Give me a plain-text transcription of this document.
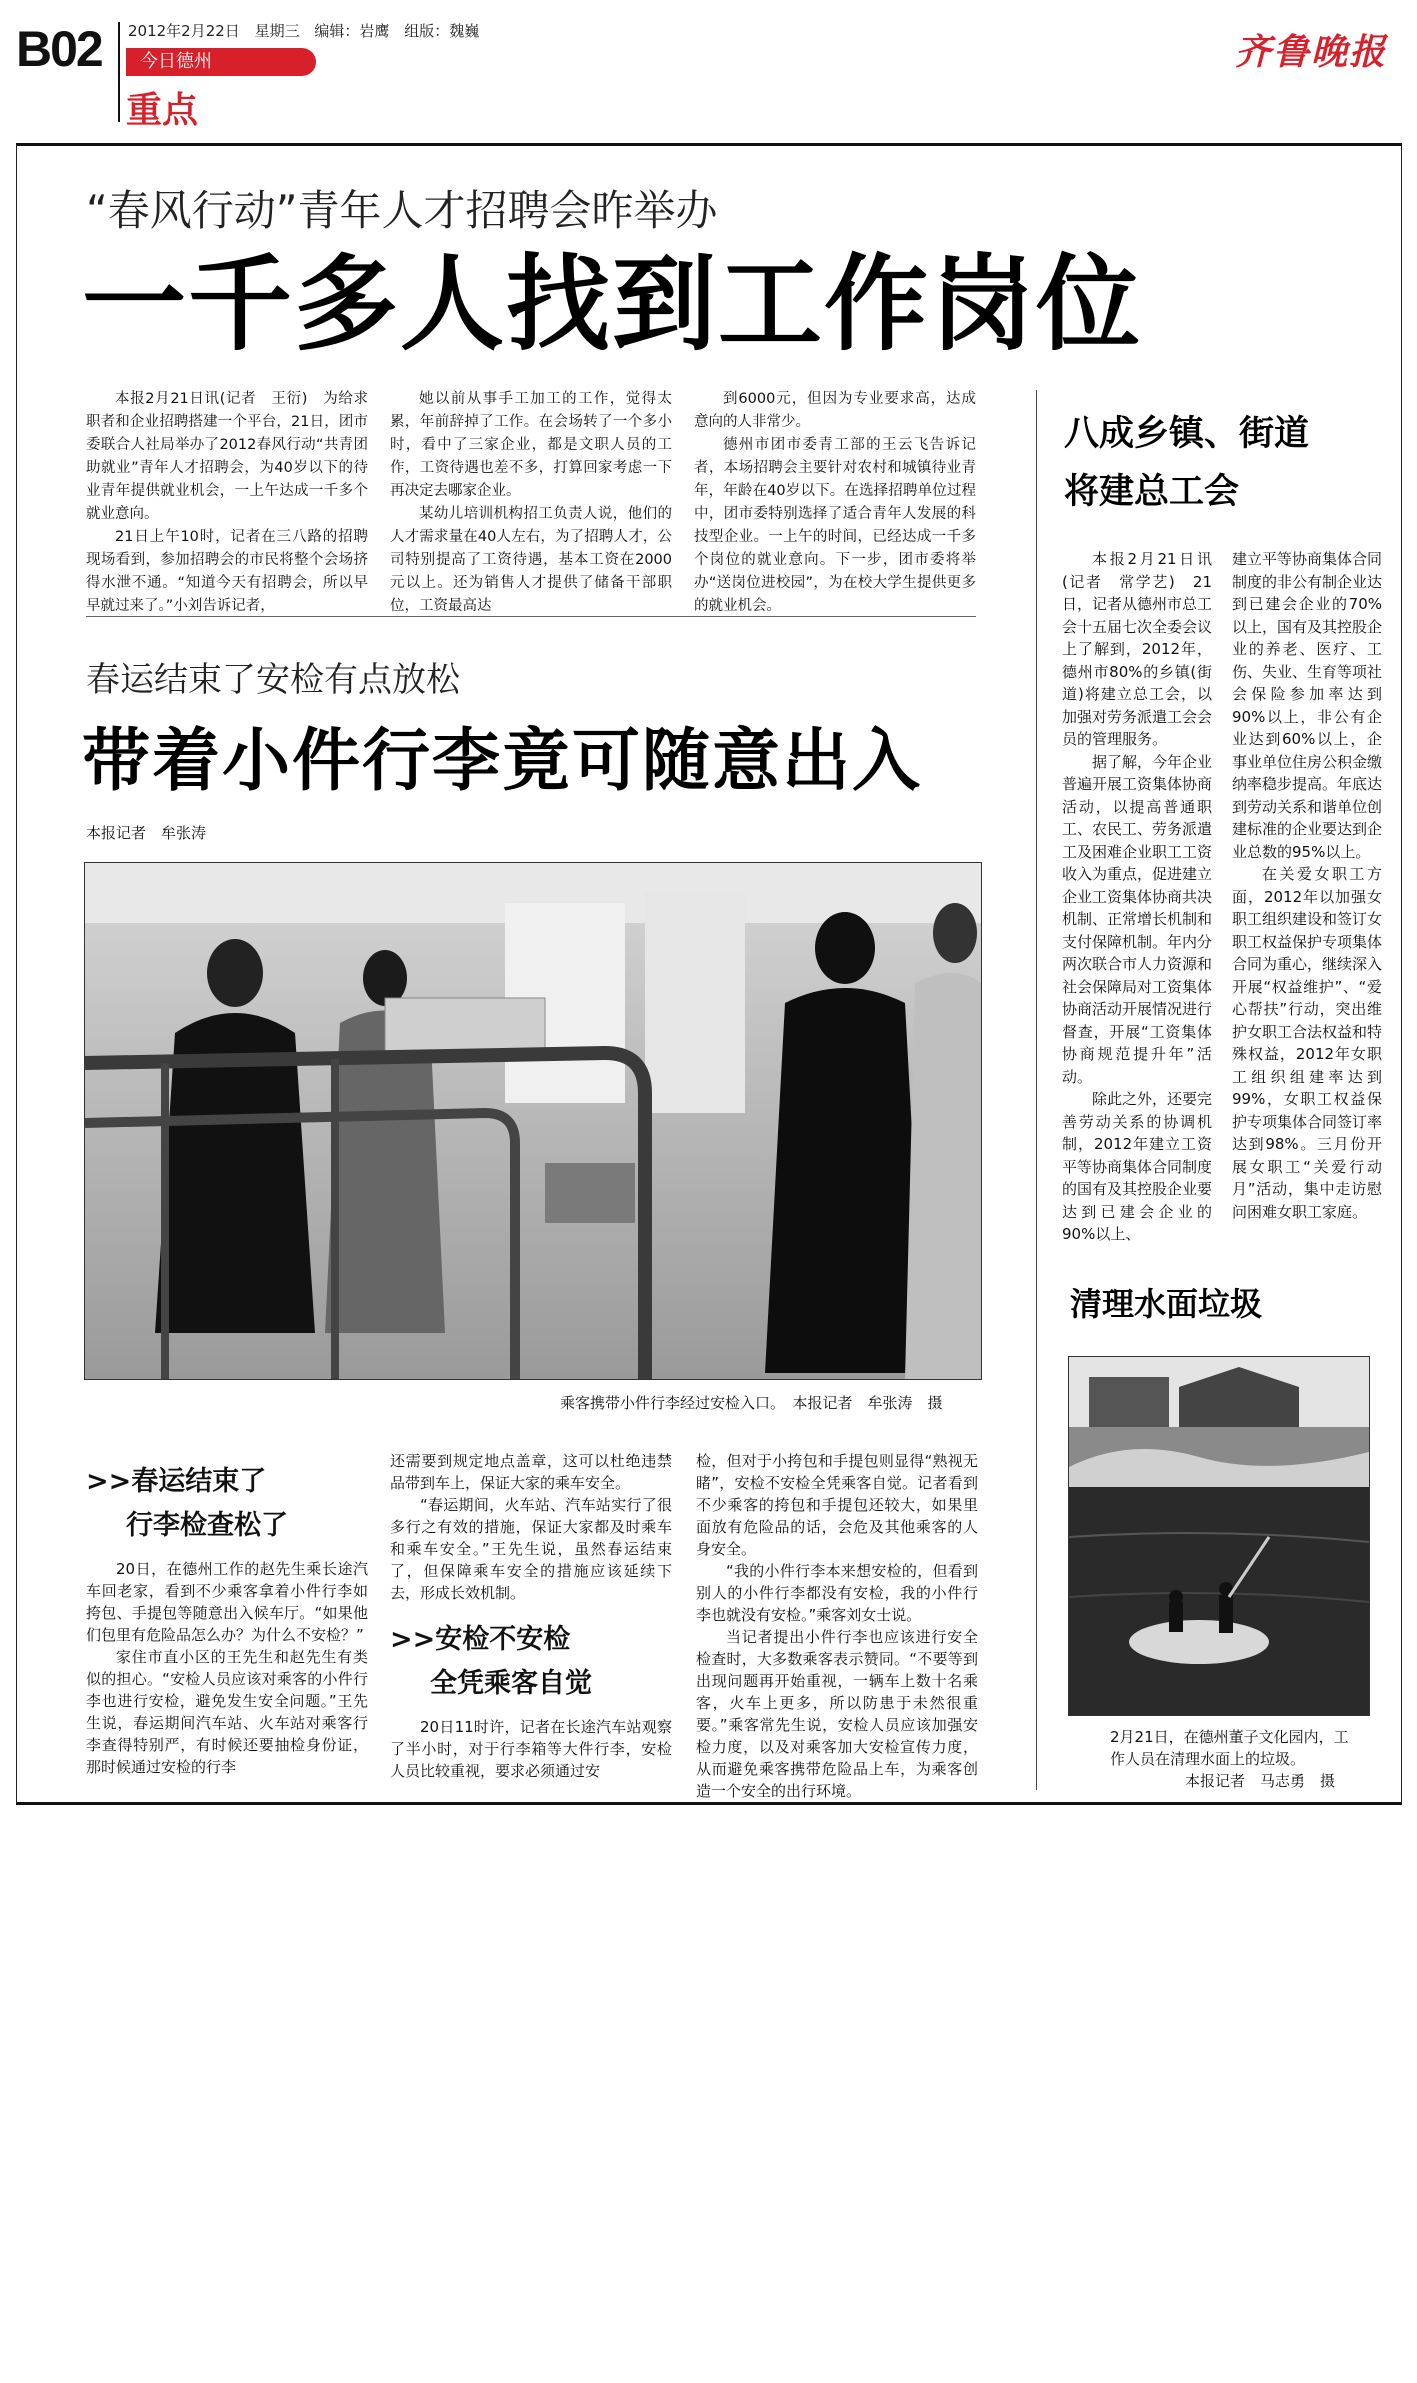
B02 2012年2月22日 星期三 编辑：岩鹰 组版：魏巍
今日德州
重点
齐鲁晚报
“春风行动”青年人才招聘会昨举办
一千多人找到工作岗位

本报2月21日讯(记者　王衍)　为给求职者和企业招聘搭建一个平台，21日，团市委联合人社局举办了2012春风行动“共青团助就业”青年人才招聘会，为40岁以下的待业青年提供就业机会，一上午达成一千多个就业意向。

21日上午10时，记者在三八路的招聘现场看到，参加招聘会的市民将整个会场挤得水泄不通。“知道今天有招聘会，所以早早就过来了。”小刘告诉记者，

她以前从事手工加工的工作，觉得太累，年前辞掉了工作。在会场转了一个多小时，看中了三家企业，都是文职人员的工作，工资待遇也差不多，打算回家考虑一下再决定去哪家企业。

某幼儿培训机构招工负责人说，他们的人才需求量在40人左右，为了招聘人才，公司特别提高了工资待遇，基本工资在2000元以上。还为销售人才提供了储备干部职位，工资最高达

到6000元，但因为专业要求高，达成意向的人非常少。

德州市团市委青工部的王云飞告诉记者，本场招聘会主要针对农村和城镇待业青年，年龄在40岁以下。在选择招聘单位过程中，团市委特别选择了适合青年人发展的科技型企业。一上午的时间，已经达成一千多个岗位的就业意向。下一步，团市委将举办“送岗位进校园”，为在校大学生提供更多的就业机会。

春运结束了安检有点放松
带着小件行李竟可随意出入
本报记者　牟张涛
乘客携带小件行李经过安检入口。　本报记者　牟张涛　摄
>>春运结束了
行李检查松了

20日，在德州工作的赵先生乘长途汽车回老家，看到不少乘客拿着小件行李如挎包、手提包等随意出入候车厅。“如果他们包里有危险品怎么办？为什么不安检？”

家住市直小区的王先生和赵先生有类似的担心。“安检人员应该对乘客的小件行李也进行安检，避免发生安全问题。”王先生说，春运期间汽车站、火车站对乘客行李查得特别严，有时候还要抽检身份证，那时候通过安检的行李

还需要到规定地点盖章，这可以杜绝违禁品带到车上，保证大家的乘车安全。

“春运期间，火车站、汽车站实行了很多行之有效的措施，保证大家都及时乘车和乘车安全。”王先生说，虽然春运结束了，但保障乘车安全的措施应该延续下去，形成长效机制。

>>安检不安检
全凭乘客自觉

20日11时许，记者在长途汽车站观察了半小时，对于行李箱等大件行李，安检人员比较重视，要求必须通过安

检，但对于小挎包和手提包则显得“熟视无睹”，安检不安检全凭乘客自觉。记者看到不少乘客的挎包和手提包还较大，如果里面放有危险品的话，会危及其他乘客的人身安全。

“我的小件行李本来想安检的，但看到别人的小件行李都没有安检，我的小件行李也就没有安检。”乘客刘女士说。

当记者提出小件行李也应该进行安全检查时，大多数乘客表示赞同。“不要等到出现问题再开始重视，一辆车上数十名乘客，火车上更多，所以防患于未然很重要。”乘客常先生说，安检人员应该加强安检力度，以及对乘客加大安检宣传力度，从而避免乘客携带危险品上车，为乘客创造一个安全的出行环境。

八成乡镇、街道
将建总工会

本报2月21日讯(记者　常学艺)　21日，记者从德州市总工会十五届七次全委会议上了解到，2012年，德州市80%的乡镇(街道)将建立总工会，以加强对劳务派遣工会会员的管理服务。

据了解，今年企业普遍开展工资集体协商活动，以提高普通职工、农民工、劳务派遣工及困难企业职工工资收入为重点，促进建立企业工资集体协商共决机制、正常增长机制和支付保障机制。年内分两次联合市人力资源和社会保障局对工资集体协商活动开展情况进行督查，开展“工资集体协商规范提升年”活动。

除此之外，还要完善劳动关系的协调机制，2012年建立工资平等协商集体合同制度的国有及其控股企业要达到已建会企业的90%以上、

建立平等协商集体合同制度的非公有制企业达到已建会企业的70%以上，国有及其控股企业的养老、医疗、工伤、失业、生育等项社会保险参加率达到90%以上，非公有企业达到60%以上，企事业单位住房公积金缴纳率稳步提高。年底达到劳动关系和谐单位创建标准的企业要达到企业总数的95%以上。

在关爱女职工方面，2012年以加强女职工组织建设和签订女职工权益保护专项集体合同为重心，继续深入开展“权益维护”、“爱心帮扶”行动，突出维护女职工合法权益和特殊权益，2012年女职工组织组建率达到99%，女职工权益保护专项集体合同签订率达到98%。三月份开展女职工“关爱行动月”活动，集中走访慰问困难女职工家庭。

清理水面垃圾
2月21日，在德州董子文化园内，工
作人员在清理水面上的垃圾。
本报记者　马志勇　摄
